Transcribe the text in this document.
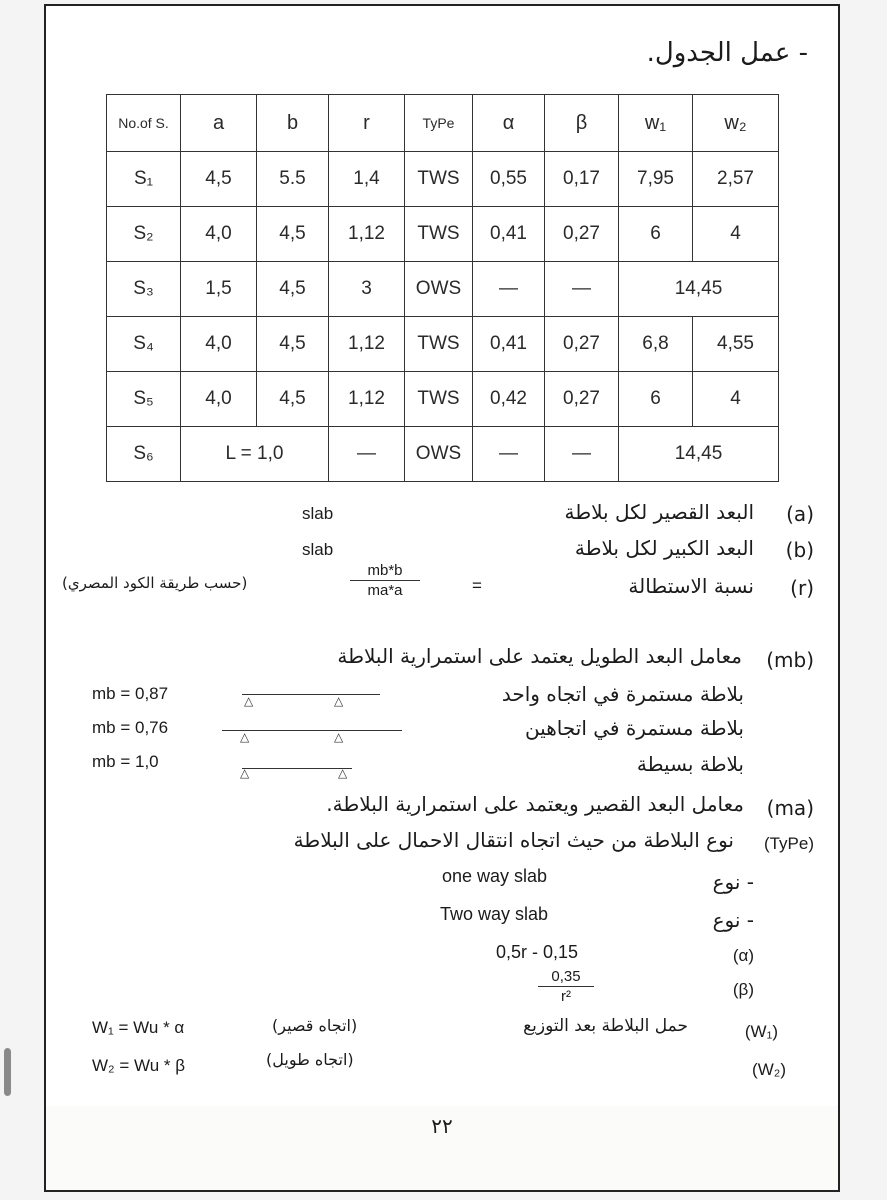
- عمل الجدول.
No.of S.	a	b	r	TyPe	α	β	w₁	w₂
S₁	4,5	5.5	1,4	TWS	0,55	0,17	7,95	2,57
S₂	4,0	4,5	1,12	TWS	0,41	0,27	6	4
S₃	1,5	4,5	3	OWS	—	—	14,45	
S₄	4,0	4,5	1,12	TWS	0,41	0,27	6,8	4,55
S₅	4,0	4,5	1,12	TWS	0,42	0,27	6	4
S₆	L = 1,0		—	OWS	—	—	14,45	
(a)
البعد القصير لكل بلاطة
slab
(b)
البعد الكبير لكل بلاطة
slab
(r)
نسبة الاستطالة
=
$\frac{mb*b}{ma*a}$
(حسب طريقة الكود المصري)
(mb)
معامل البعد الطويل يعتمد على استمرارية البلاطة
بلاطة مستمرة في اتجاه واحد
△	△
mb = 0,87
بلاطة مستمرة في اتجاهين
△	△
mb = 0,76
بلاطة بسيطة
△	△
mb = 1,0
(ma)
معامل البعد القصير ويعتمد على استمرارية البلاطة.
(TyPe)
نوع البلاطة من حيث اتجاه انتقال الاحمال على البلاطة
- نوع
one way slab
- نوع
Two way slab
(α)
0,5r - 0,15
(β)
$\frac{0,35}{\text{r²}}$
(W₁)
حمل البلاطة بعد التوزيع
(اتجاه قصير)
W₁ = Wu * α
(W₂)
(اتجاه طويل)
W₂ = Wu * β
٢٢
